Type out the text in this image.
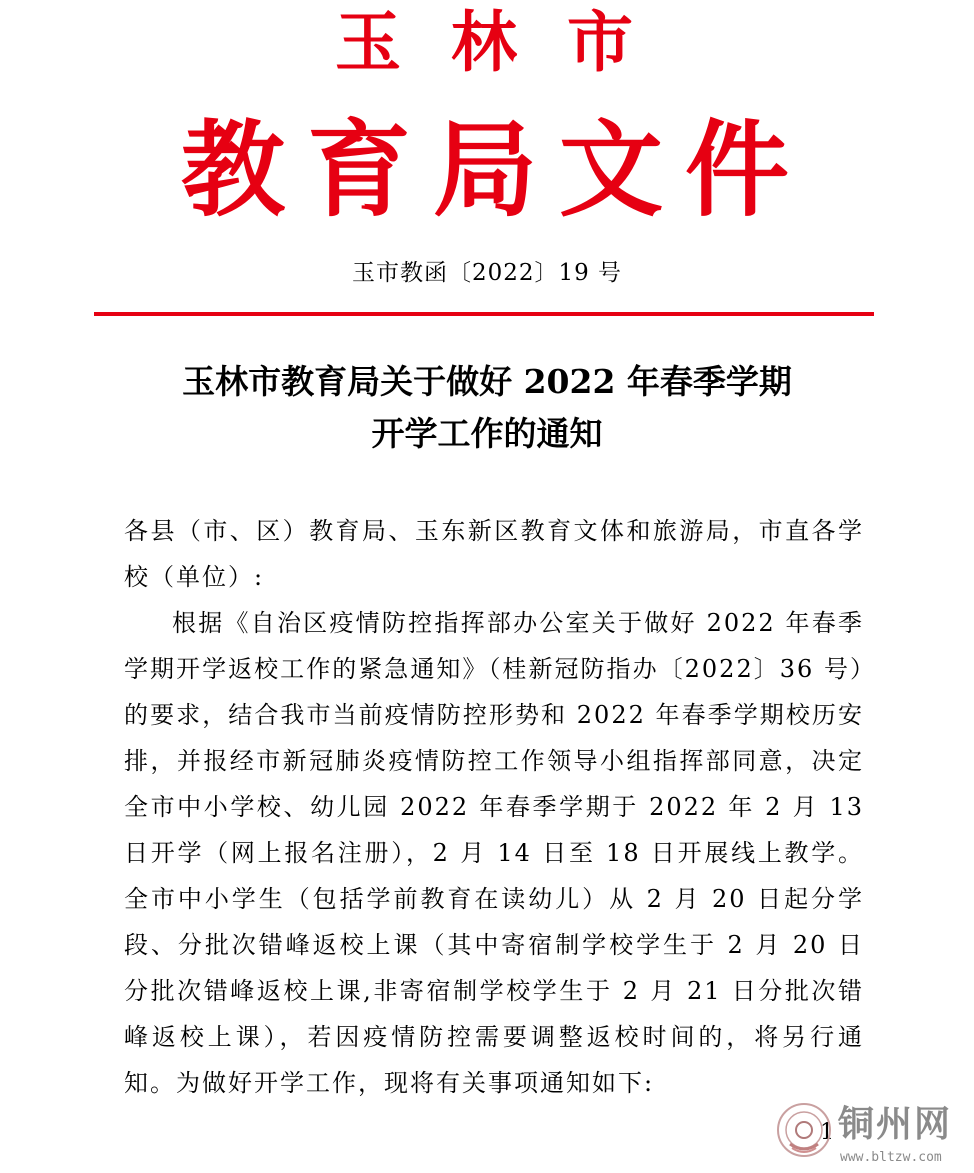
玉林市
教育局文件
玉市教函〔2022〕19 号
玉林市教育局关于做好 2022 年春季学期
开学工作的通知

各县（市、区）教育局、玉东新区教育文体和旅游局，市直各学校（单位）:

根据《自治区疫情防控指挥部办公室关于做好 2022 年春季学期开学返校工作的紧急通知》（桂新冠防指办〔2022〕36 号）的要求，结合我市当前疫情防控形势和 2022 年春季学期校历安排，并报经市新冠肺炎疫情防控工作领导小组指挥部同意，决定全市中小学校、幼儿园 2022 年春季学期于 2022 年 2 月 13 日开学（网上报名注册），2 月 14 日至 18 日开展线上教学。全市中小学生（包括学前教育在读幼儿）从 2 月 20 日起分学段、分批次错峰返校上课（其中寄宿制学校学生于 2 月 20 日分批次错峰返校上课,非寄宿制学校学生于 2 月 21 日分批次错峰返校上课），若因疫情防控需要调整返校时间的，将另行通知。为做好开学工作，现将有关事项通知如下:

1 铜州网
www.bltzw.com
